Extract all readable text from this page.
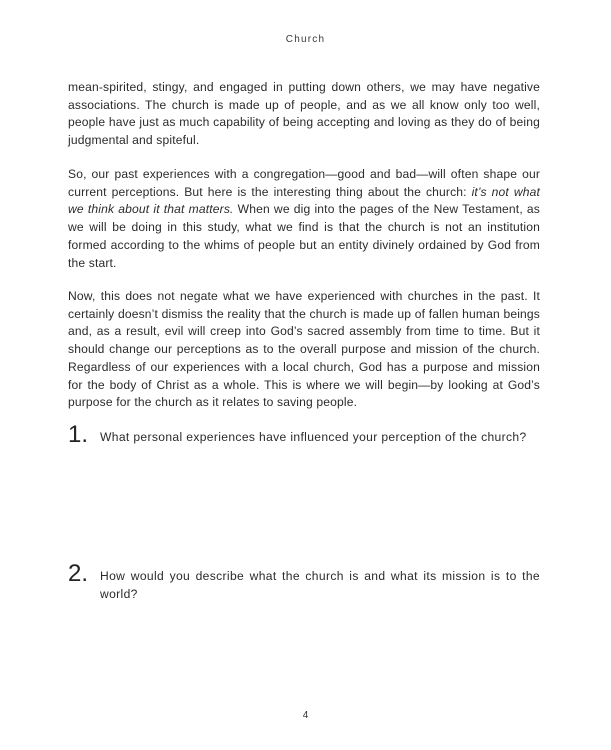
Church

mean-spirited, stingy, and engaged in putting down others, we may have negative associations. The church is made up of people, and as we all know only too well, people have just as much capability of being accepting and loving as they do of being judgmental and spiteful.

So, our past experiences with a congregation—good and bad—will often shape our current perceptions. But here is the interesting thing about the church: it’s not what we think about it that matters. When we dig into the pages of the New Testament, as we will be doing in this study, what we find is that the church is not an institution formed according to the whims of people but an entity divinely ordained by God from the start.

Now, this does not negate what we have experienced with churches in the past. It certainly doesn’t dismiss the reality that the church is made up of fallen human beings and, as a result, evil will creep into God’s sacred assembly from time to time. But it should change our perceptions as to the overall purpose and mission of the church. Regardless of our experiences with a local church, God has a purpose and mission for the body of Christ as a whole. This is where we will begin—by looking at God’s purpose for the church as it relates to saving people.

1. What personal experiences have influenced your perception of the church?
2. How would you describe what the church is and what its mission is to the world?
4
